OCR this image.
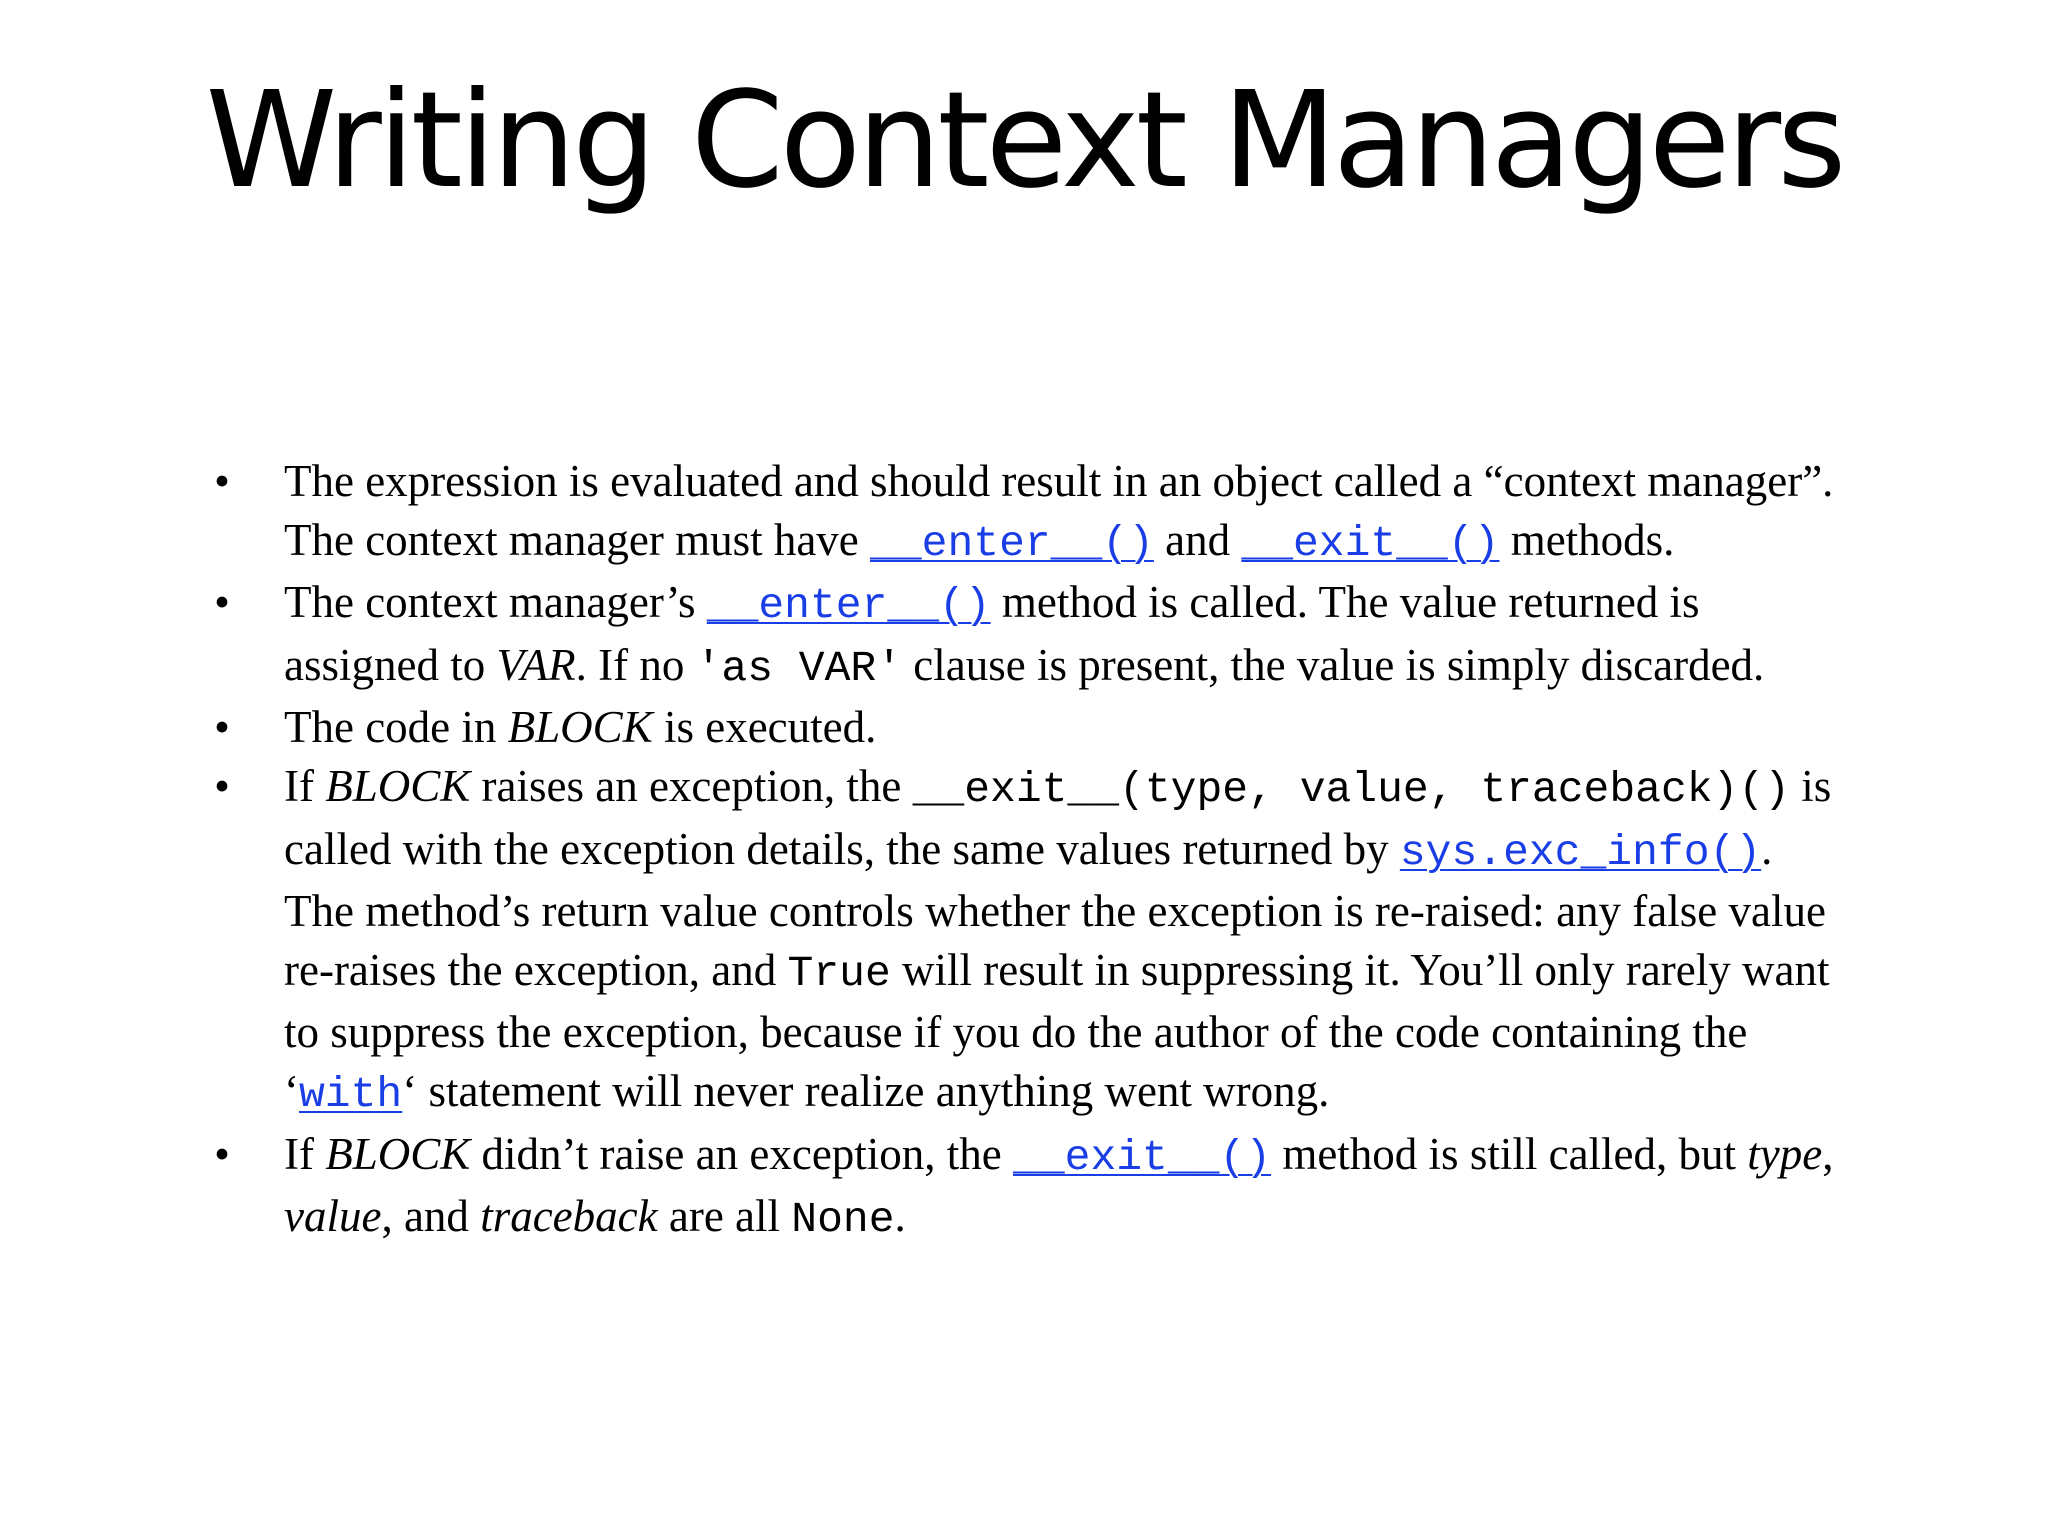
Writing Context Managers
• The expression is evaluated and should result in an object called a “context manager”. The context manager must have __enter__() and __exit__() methods.
• The context manager’s __enter__() method is called. The value returned is assigned to VAR. If no 'as VAR' clause is present, the value is simply discarded.
• The code in BLOCK is executed.
• If BLOCK raises an exception, the __exit__(type, value, traceback)() is called with the exception details, the same values returned by sys.exc_info(). The method’s return value controls whether the exception is re-raised: any false value re-raises the exception, and True will result in suppressing it. You’ll only rarely want to suppress the exception, because if you do the author of the code containing the ‘with‘ statement will never realize anything went wrong.
• If BLOCK didn’t raise an exception, the __exit__() method is still called, but type, value, and traceback are all None.
